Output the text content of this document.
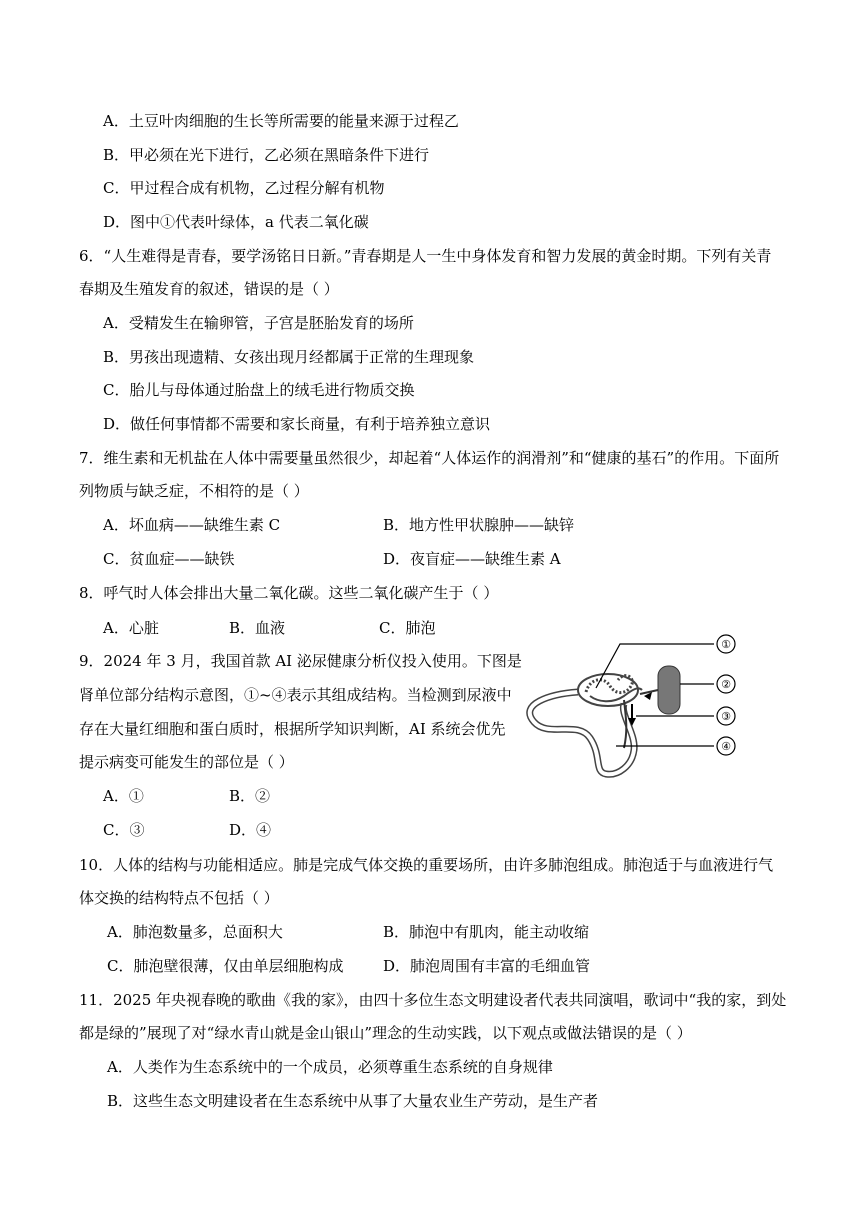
A．土豆叶肉细胞的生长等所需要的能量来源于过程乙
B．甲必须在光下进行，乙必须在黑暗条件下进行
C．甲过程合成有机物，乙过程分解有机物
D．图中①代表叶绿体，a 代表二氧化碳
6．“人生难得是青春，要学汤铭日日新。”青春期是人一生中身体发育和智力发展的黄金时期。下列有关青
春期及生殖发育的叙述，错误的是（ ）
A．受精发生在输卵管，子宫是胚胎发育的场所
B．男孩出现遗精、女孩出现月经都属于正常的生理现象
C．胎儿与母体通过胎盘上的绒毛进行物质交换
D．做任何事情都不需要和家长商量，有利于培养独立意识
7．维生素和无机盐在人体中需要量虽然很少，却起着“人体运作的润滑剂”和“健康的基石”的作用。下面所
列物质与缺乏症，不相符的是（ ）
A．坏血病——缺维生素 C	B．地方性甲状腺肿——缺锌
C．贫血症——缺铁	D．夜盲症——缺维生素 A
8．呼气时人体会排出大量二氧化碳。这些二氧化碳产生于（ ）
A．心脏	B．血液	C．肺泡
9．2024 年 3 月，我国首款 AI 泌尿健康分析仪投入使用。下图是
肾单位部分结构示意图，①~④表示其组成结构。当检测到尿液中
存在大量红细胞和蛋白质时，根据所学知识判断，AI 系统会优先
提示病变可能发生的部位是（ ）
A．①	B．②
C．③	D．④
①
②
③
④
10．人体的结构与功能相适应。肺是完成气体交换的重要场所，由许多肺泡组成。肺泡适于与血液进行气
体交换的结构特点不包括（ ）
A．肺泡数量多，总面积大	B．肺泡中有肌肉，能主动收缩
C．肺泡壁很薄，仅由单层细胞构成	D．肺泡周围有丰富的毛细血管
11．2025 年央视春晚的歌曲《我的家》，由四十多位生态文明建设者代表共同演唱，歌词中“我的家，到处
都是绿的”展现了对“绿水青山就是金山银山”理念的生动实践，以下观点或做法错误的是（ ）
A．人类作为生态系统中的一个成员，必须尊重生态系统的自身规律
B．这些生态文明建设者在生态系统中从事了大量农业生产劳动，是生产者
